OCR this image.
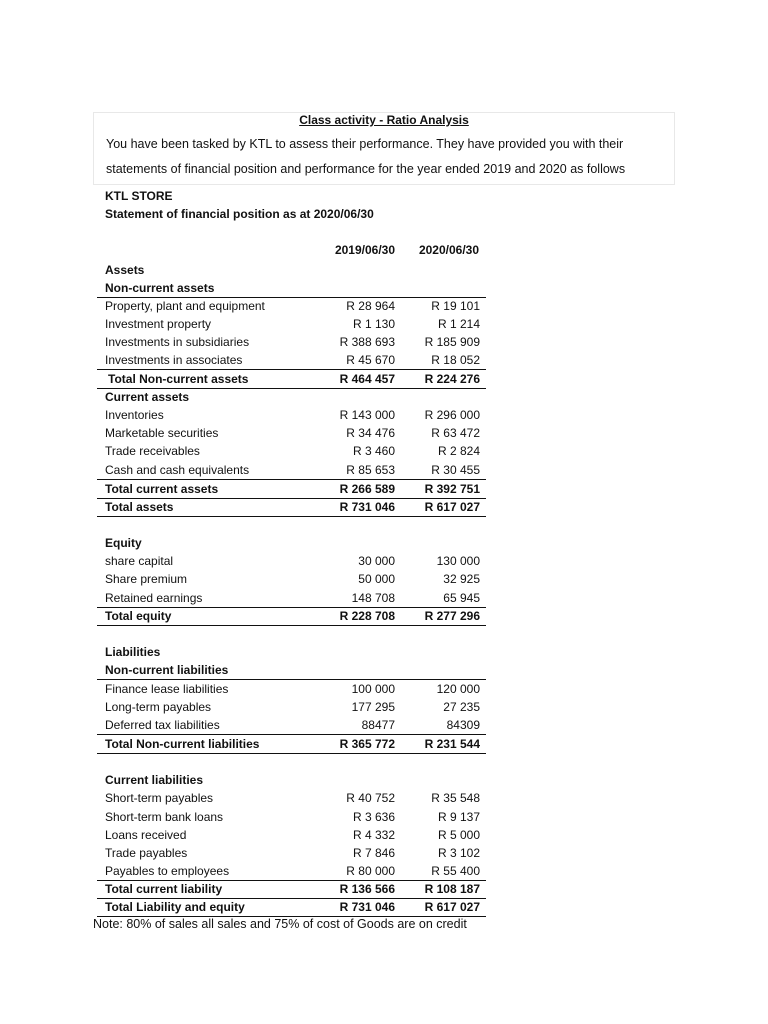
Class activity - Ratio Analysis
You have been tasked by KTL to assess their performance. They have provided you with their
statements of financial position and performance for the year ended 2019 and 2020 as follows
KTL STORE
Statement of financial position as at 2020/06/30
2019/06/30	2020/06/30
Assets
Non-current assets
Property, plant and equipment	R 28 964	R 19 101
Investment property	R 1 130	R 1 214
Investments in subsidiaries	R 388 693	R 185 909
Investments in associates	R 45 670	R 18 052
Total Non-current assets	R 464 457	R 224 276
Current assets
Inventories	R 143 000	R 296 000
Marketable securities	R 34 476	R 63 472
Trade receivables	R 3 460	R 2 824
Cash and cash equivalents	R 85 653	R 30 455
Total current assets	R 266 589	R 392 751
Total assets	R 731 046	R 617 027
Equity
share capital	30 000	130 000
Share premium	50 000	32 925
Retained earnings	148 708	65 945
Total equity	R 228 708	R 277 296
Liabilities
Non-current liabilities
Finance lease liabilities	100 000	120 000
Long-term payables	177 295	27 235
Deferred tax liabilities	88477	84309
Total Non-current liabilities	R 365 772	R 231 544
Current liabilities
Short-term payables	R 40 752	R 35 548
Short-term bank loans	R 3 636	R 9 137
Loans received	R 4 332	R 5 000
Trade payables	R 7 846	R 3 102
Payables to employees	R 80 000	R 55 400
Total current liability	R 136 566	R 108 187
Total Liability and equity	R 731 046	R 617 027
Note: 80% of sales all sales and 75% of cost of Goods are on credit
